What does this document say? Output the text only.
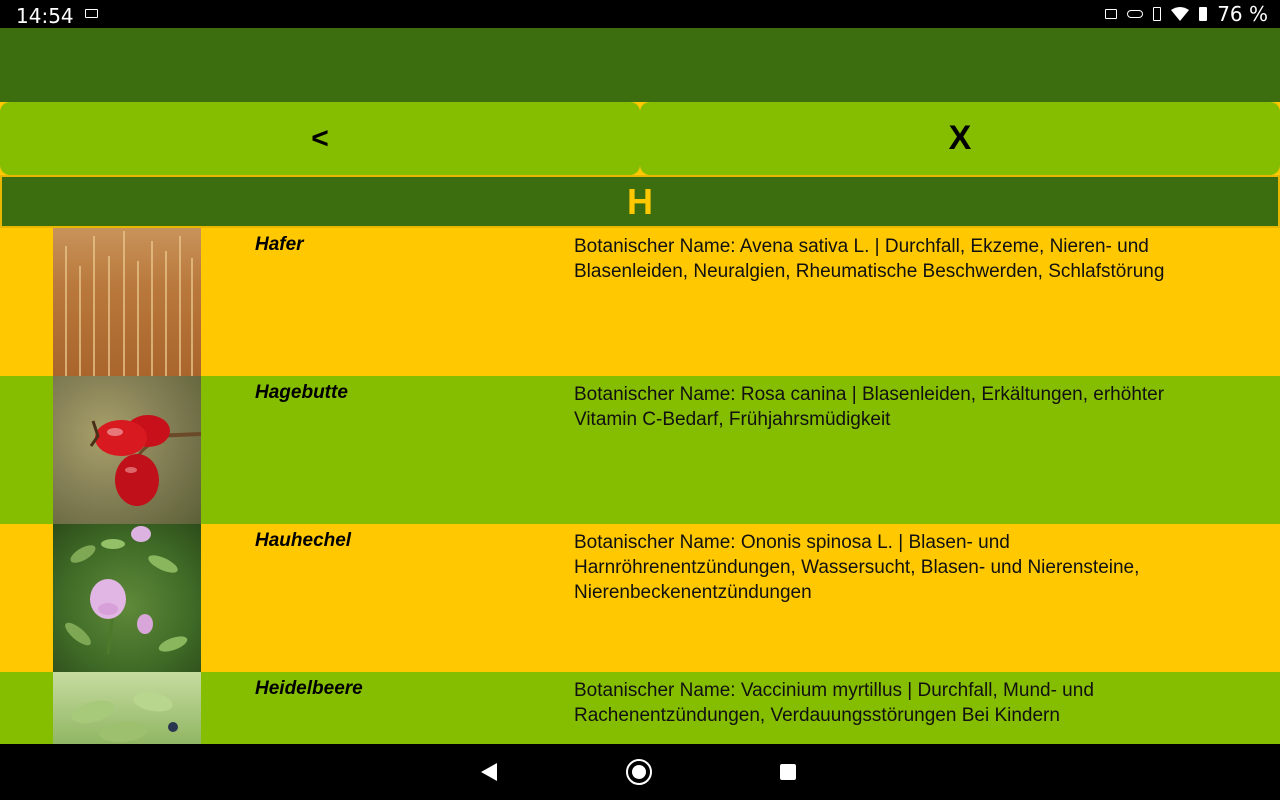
14:54	76 %
<	X
H
Hafer	Botanischer Name: Avena sativa L. | Durchfall, Ekzeme, Nieren- und Blasenleiden, Neuralgien, Rheumatische Beschwerden, Schlafstörung
Hagebutte	Botanischer Name: Rosa canina | Blasenleiden, Erkältungen, erhöhter Vitamin C-Bedarf, Frühjahrsmüdigkeit
Hauhechel	Botanischer Name: Ononis spinosa L. | Blasen- und Harnröhrenentzündungen, Wassersucht, Blasen- und Nierensteine, Nierenbeckenentzündungen
Heidelbeere	Botanischer Name: Vaccinium myrtillus | Durchfall, Mund- und Rachenentzündungen, Verdauungsstörungen Bei Kindern
